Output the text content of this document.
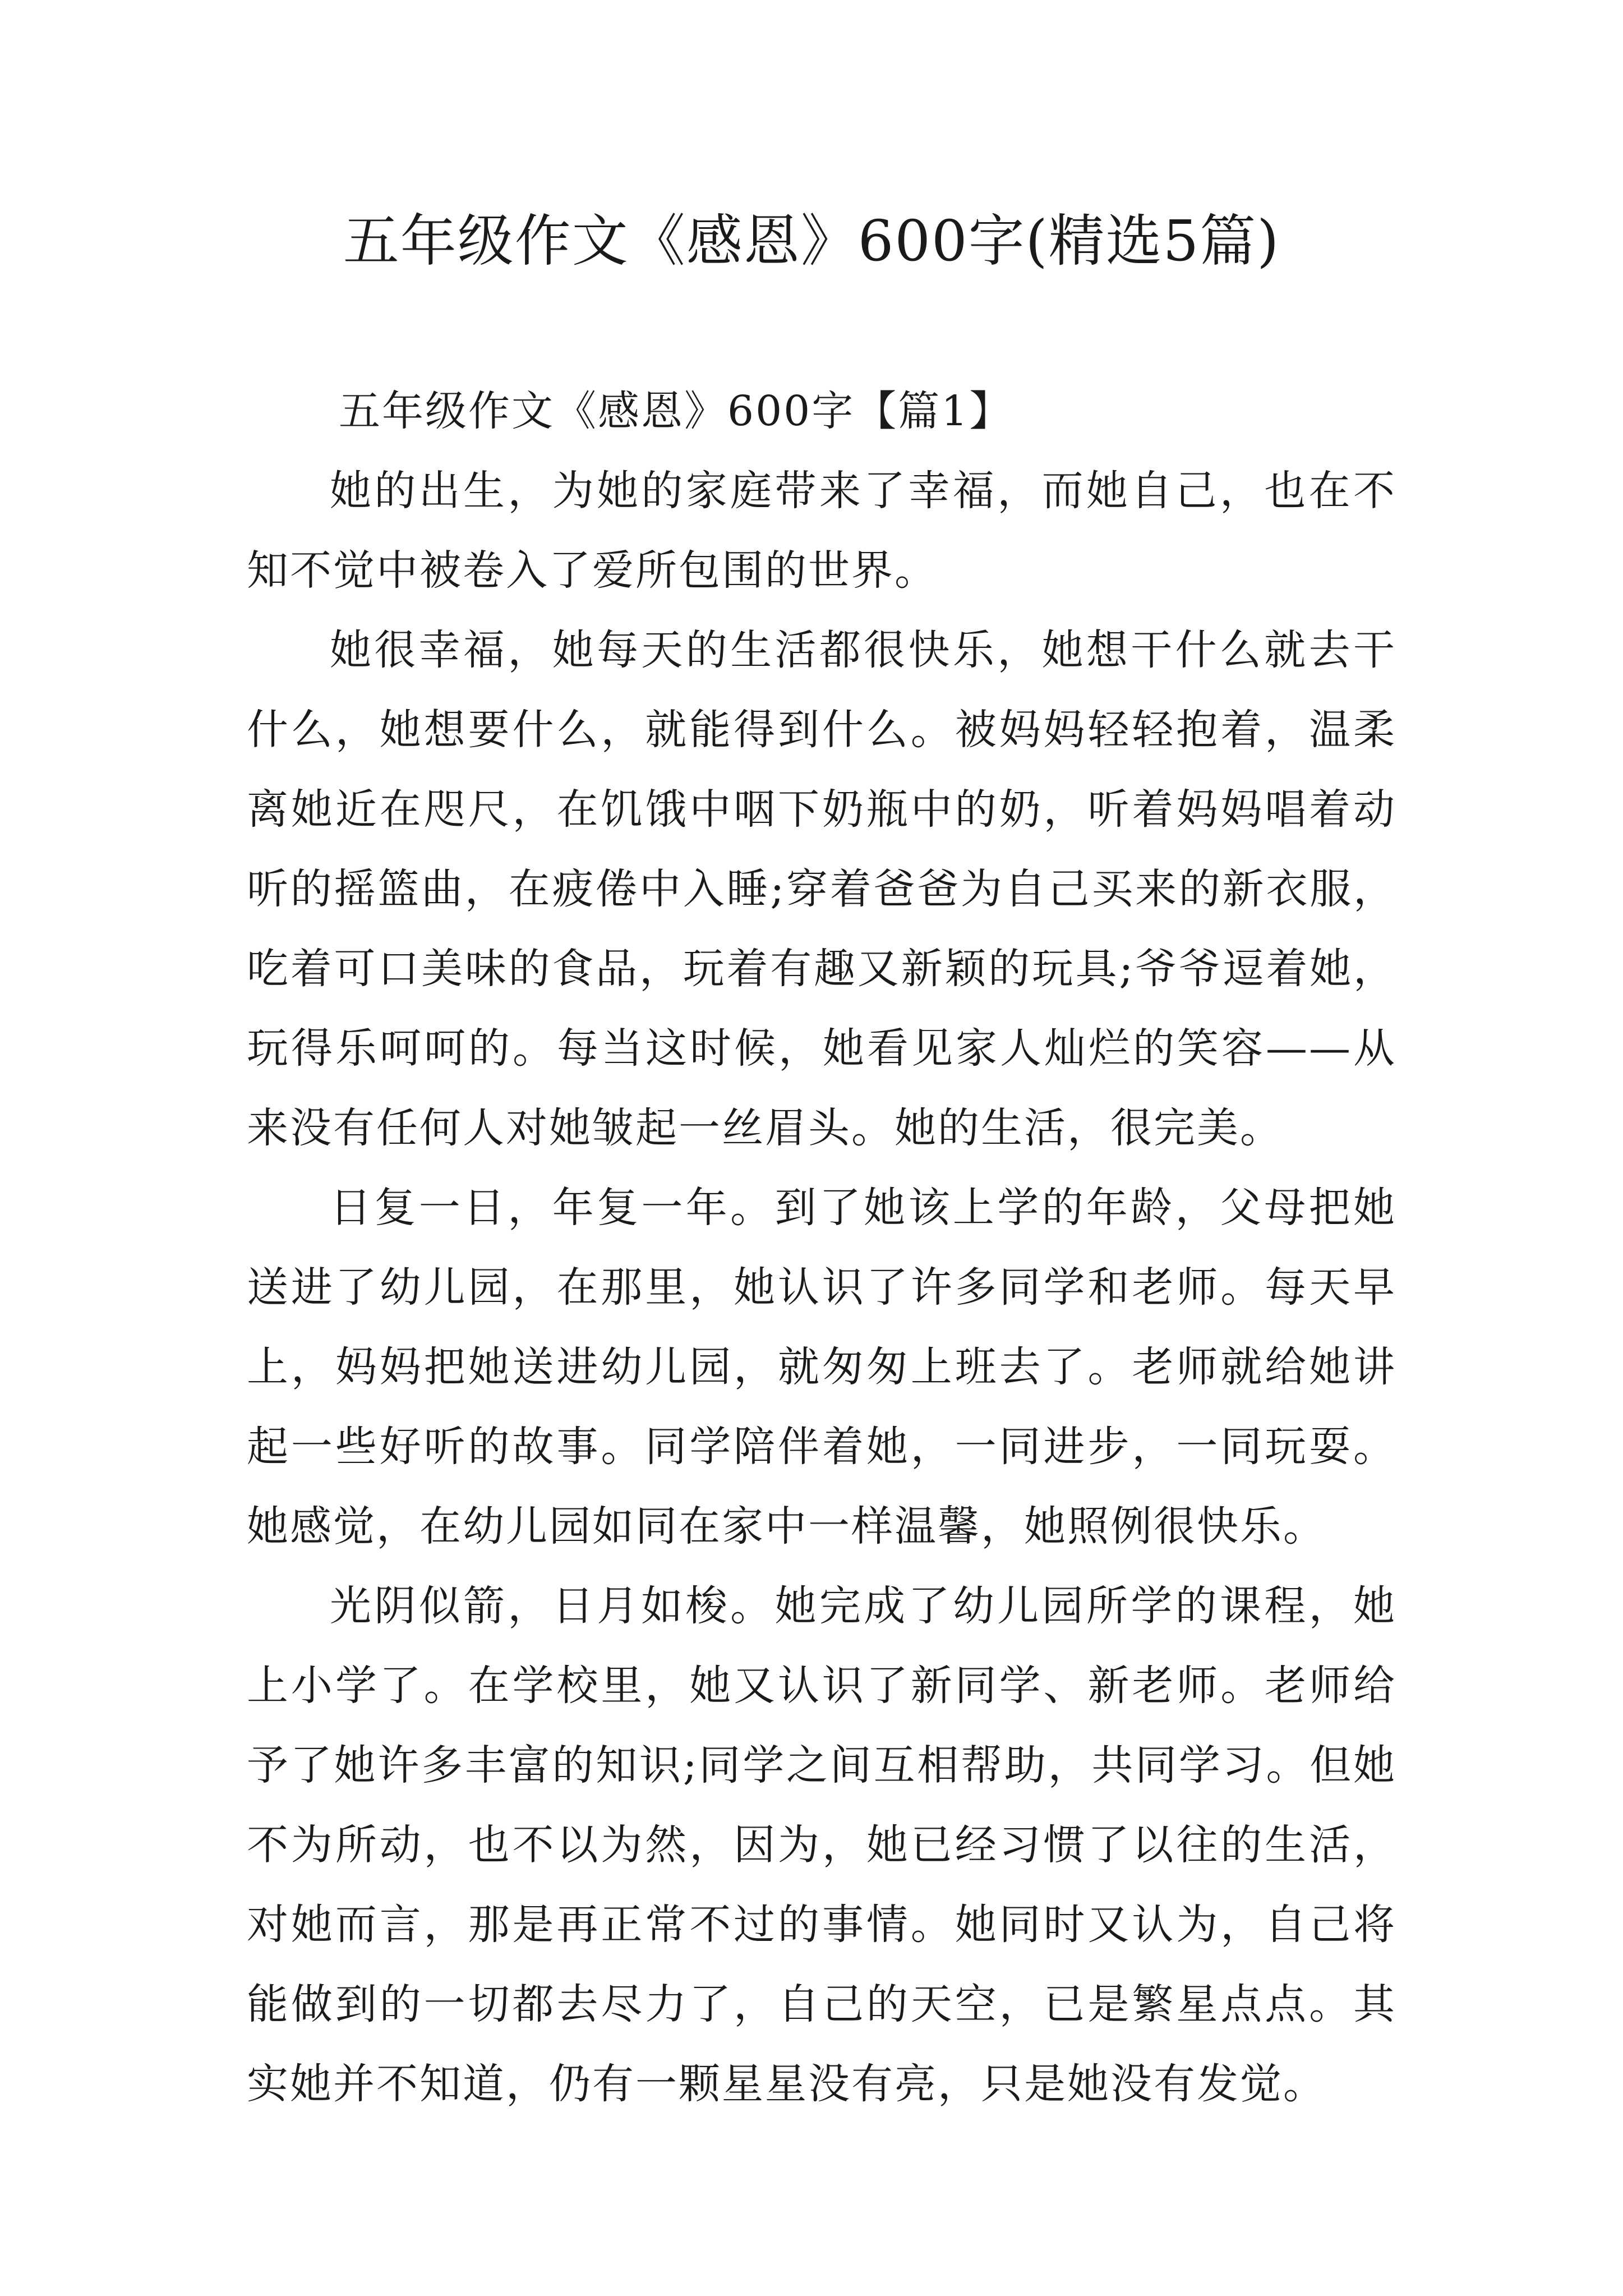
五年级作文《感恩》600字(精选5篇)

五年级作文《感恩》600字【篇1】

她的出生，为她的家庭带来了幸福，而她自己，也在不知不觉中被卷入了爱所包围的世界。

她很幸福，她每天的生活都很快乐，她想干什么就去干什么，她想要什么，就能得到什么。被妈妈轻轻抱着，温柔离她近在咫尺，在饥饿中咽下奶瓶中的奶，听着妈妈唱着动听的摇篮曲，在疲倦中入睡;穿着爸爸为自己买来的新衣服，吃着可口美味的食品，玩着有趣又新颖的玩具;爷爷逗着她，玩得乐呵呵的。每当这时候，她看见家人灿烂的笑容——从来没有任何人对她皱起一丝眉头。她的生活，很完美。

日复一日，年复一年。到了她该上学的年龄，父母把她送进了幼儿园，在那里，她认识了许多同学和老师。每天早上，妈妈把她送进幼儿园，就匆匆上班去了。老师就给她讲起一些好听的故事。同学陪伴着她，一同进步，一同玩耍。她感觉，在幼儿园如同在家中一样温馨，她照例很快乐。

光阴似箭，日月如梭。她完成了幼儿园所学的课程，她上小学了。在学校里，她又认识了新同学、新老师。老师给予了她许多丰富的知识;同学之间互相帮助，共同学习。但她不为所动，也不以为然，因为，她已经习惯了以往的生活，对她而言，那是再正常不过的事情。她同时又认为，自己将能做到的一切都去尽力了，自己的天空，已是繁星点点。其实她并不知道，仍有一颗星星没有亮，只是她没有发觉。
